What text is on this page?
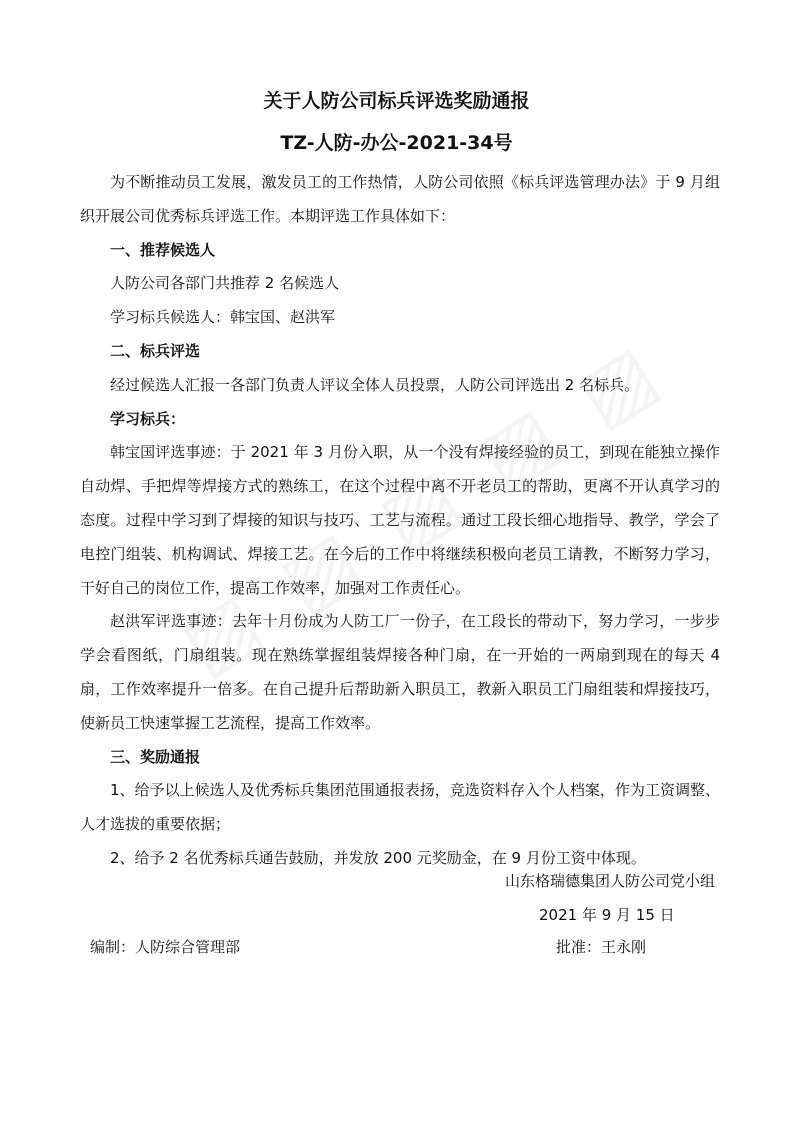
关于人防公司标兵评选奖励通报
TZ-人防-办公-2021-34号

为不断推动员工发展，激发员工的工作热情，人防公司依照《标兵评选管理办法》于 9 月组织开展公司优秀标兵评选工作。本期评选工作具体如下：

一、推荐候选人

人防公司各部门共推荐 2 名候选人

学习标兵候选人：韩宝国、赵洪军

二、标兵评选

经过候选人汇报一各部门负责人评议全体人员投票，人防公司评选出 2 名标兵。

学习标兵：

韩宝国评选事迹：于 2021 年 3 月份入职，从一个没有焊接经验的员工，到现在能独立操作自动焊、手把焊等焊接方式的熟练工，在这个过程中离不开老员工的帮助，更离不开认真学习的态度。过程中学习到了焊接的知识与技巧、工艺与流程。通过工段长细心地指导、教学，学会了电控门组装、机构调试、焊接工艺。在今后的工作中将继续积极向老员工请教，不断努力学习，干好自己的岗位工作，提高工作效率，加强对工作责任心。

赵洪军评选事迹：去年十月份成为人防工厂一份子，在工段长的带动下，努力学习，一步步学会看图纸，门扇组装。现在熟练掌握组装焊接各种门扇，在一开始的一两扇到现在的每天 4 扇，工作效率提升一倍多。在自己提升后帮助新入职员工，教新入职员工门扇组装和焊接技巧，使新员工快速掌握工艺流程，提高工作效率。

三、奖励通报

1、给予以上候选人及优秀标兵集团范围通报表扬，竞选资料存入个人档案，作为工资调整、人才选拔的重要依据；

2、给予 2 名优秀标兵通告鼓励，并发放 200 元奖励金，在 9 月份工资中体现。

山东格瑞德集团人防公司党小组
2021 年 9 月 15 日
编制：人防综合管理部	批准：王永刚
